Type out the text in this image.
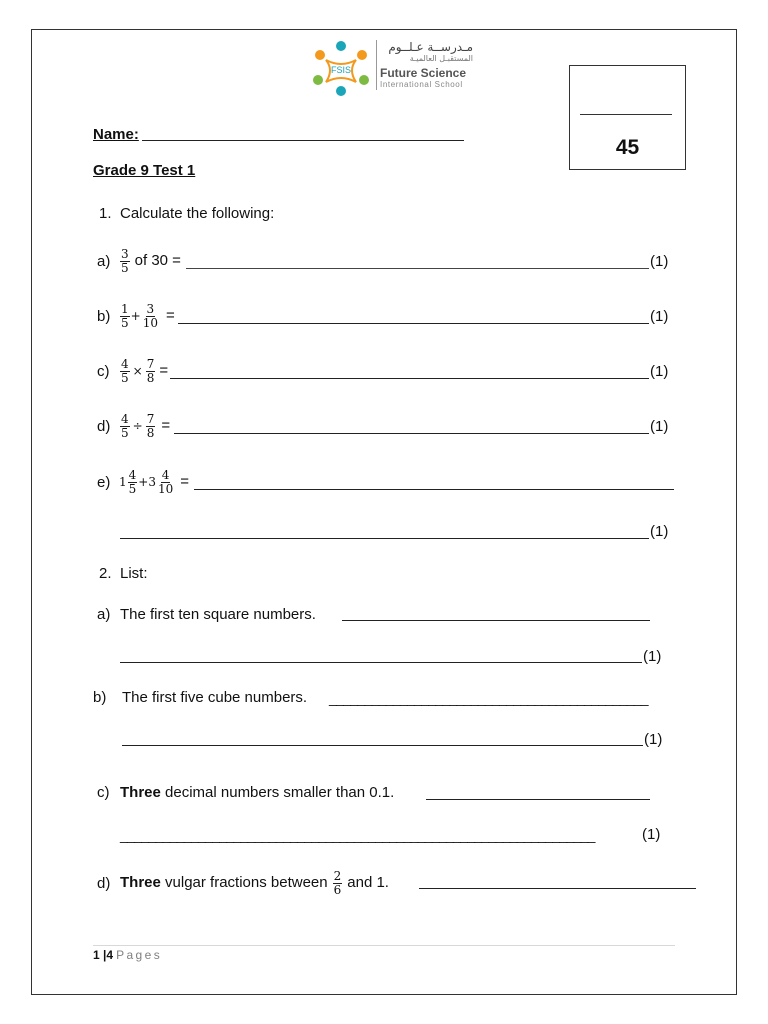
FSIS
مـدرســة عـلــوم
المستقبـل العالميـة
Future Science
International School
45
Name:
Grade 9 Test 1
1. Calculate the following:
$a) \frac{3}{5}$ of 30 =	(1)
$b) \frac{1}{5} + \frac{3}{10}$ =	(1)
$c) \frac{4}{5} \times \frac{7}{8}$ =	(1)
$d) \frac{4}{5} \div \frac{7}{8}$ =	(1)
e) $1 \frac{4}{5} + 3 \frac{4}{10}$ =
(1)
2. List:
a) The first ten square numbers.
(1)
b) The first five cube numbers. _____________________________________________
(1)
c) Three decimal numbers smaller than 0.1.
___________________________________________________________________	(1)
d) Three vulgar fractions between $\frac{2}{6}$ and 1.
1 |4 Pages
